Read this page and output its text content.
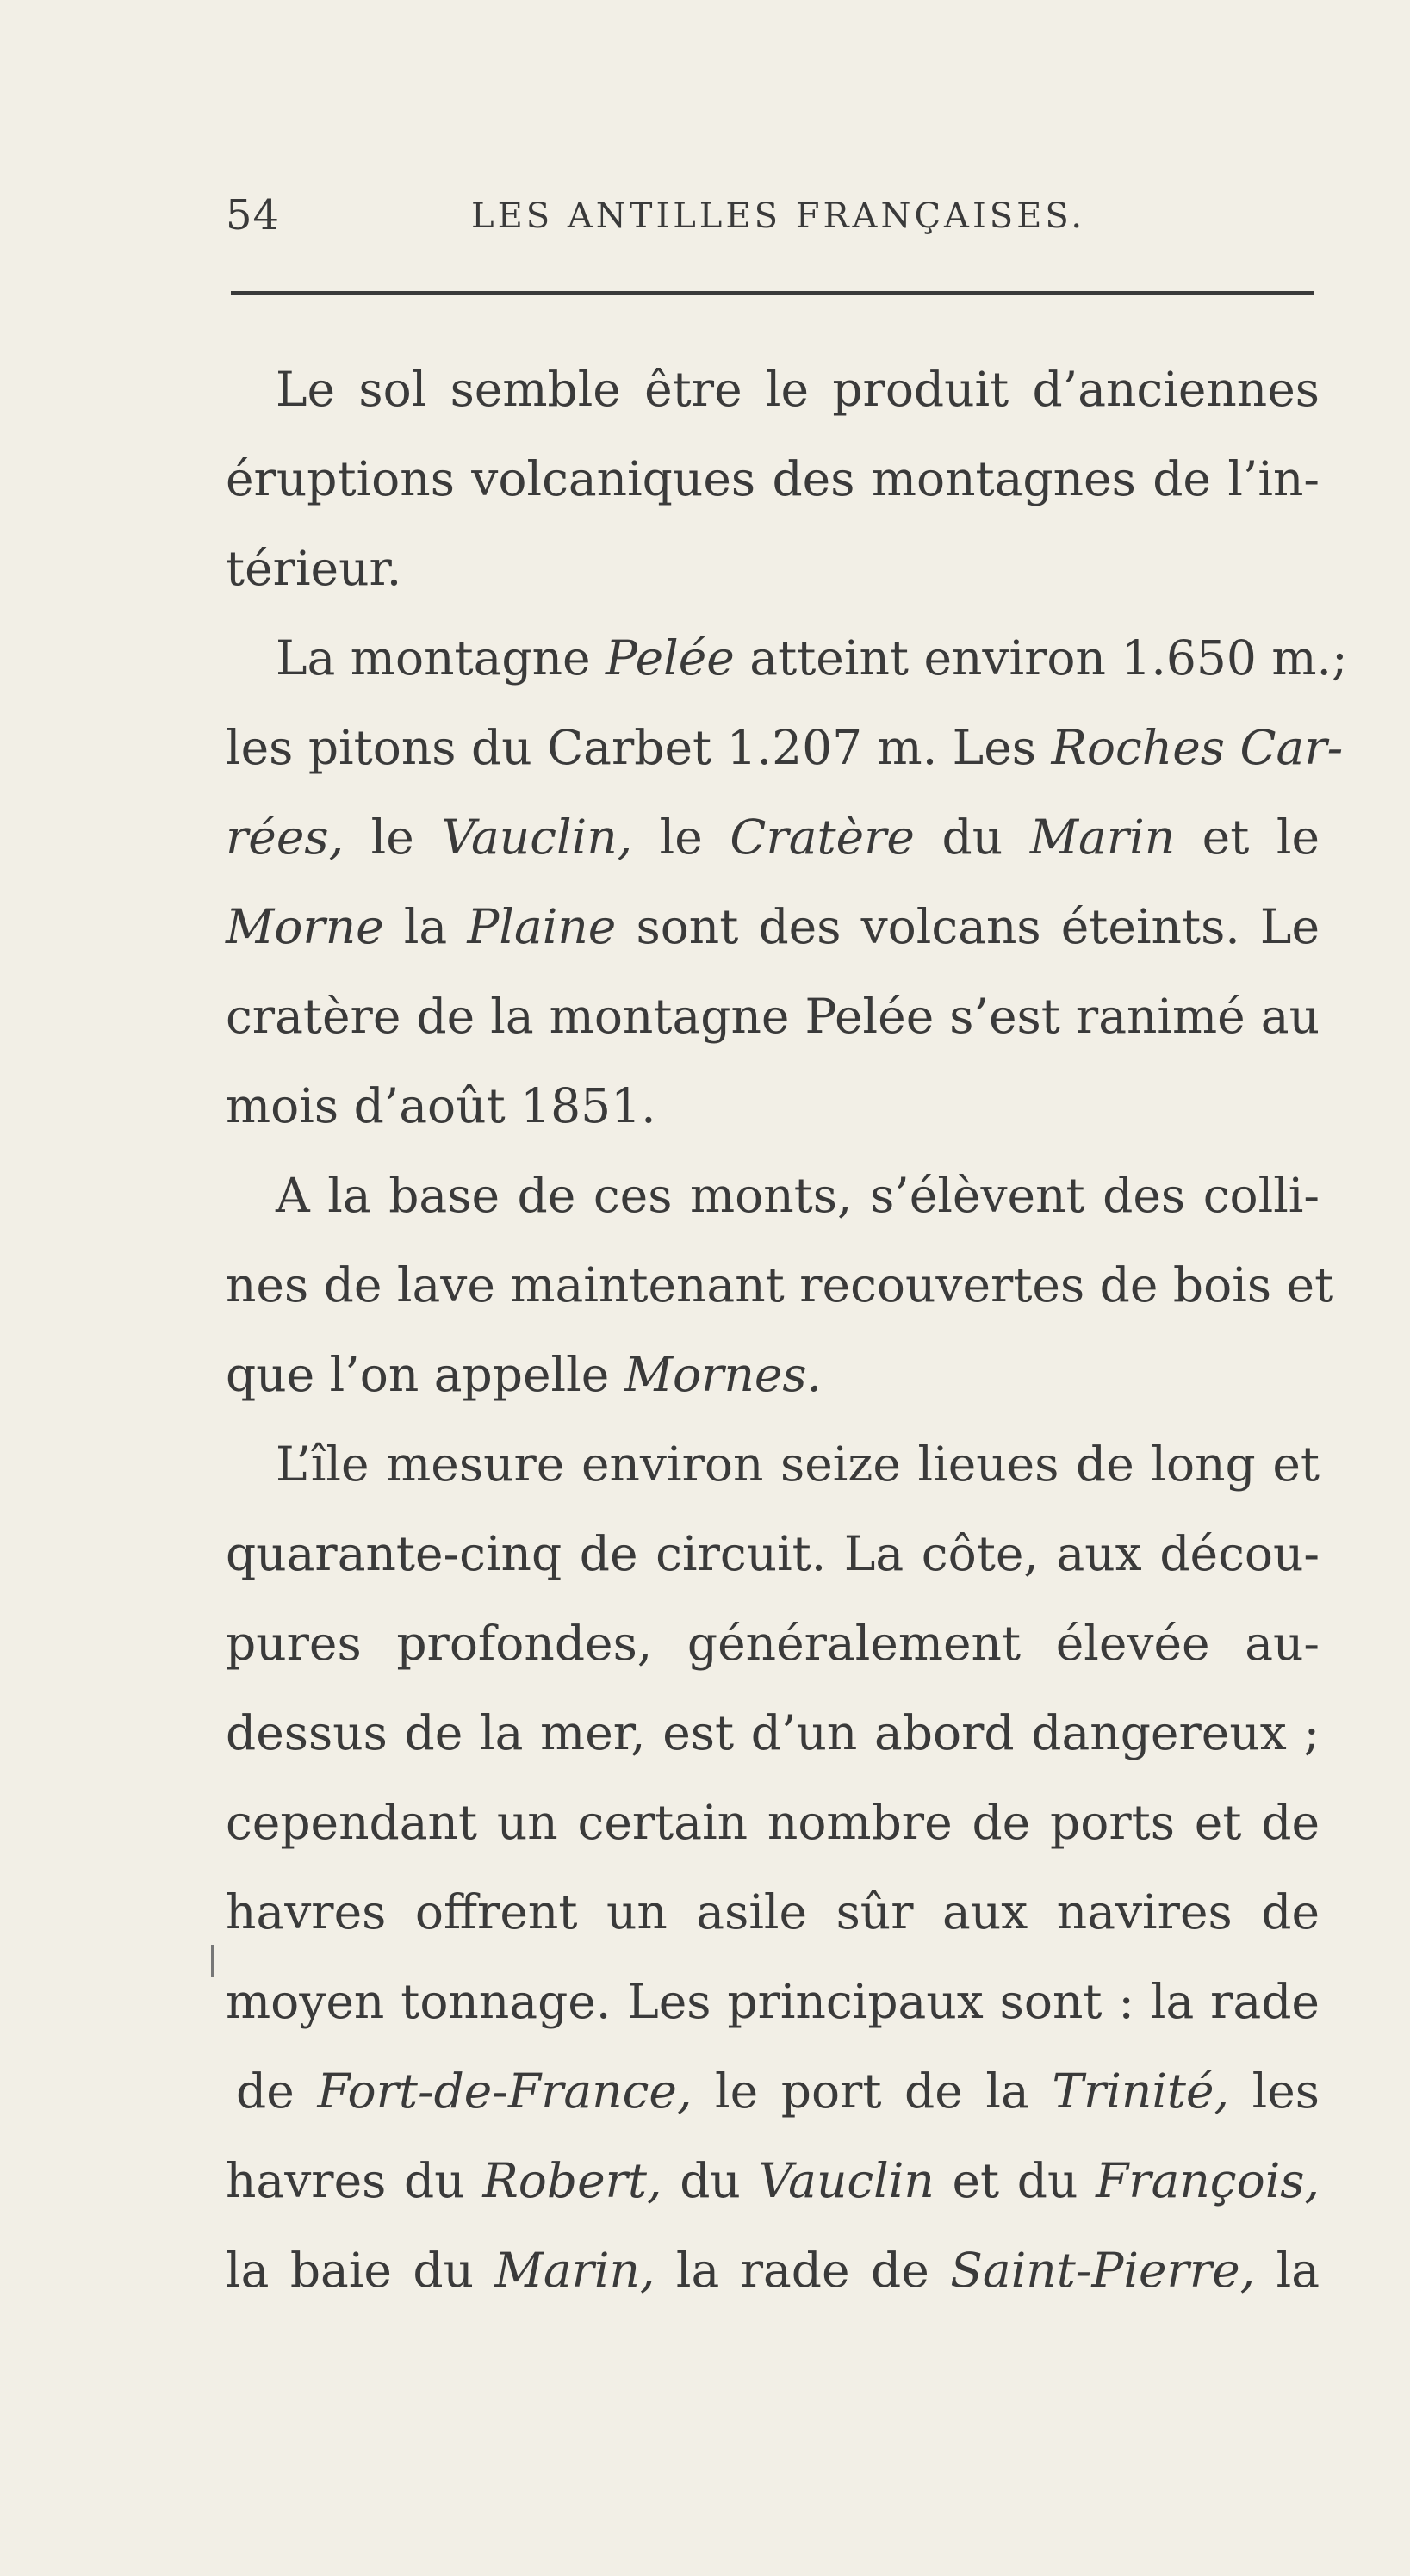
54	LES ANTILLES FRANÇAISES.
Le sol semble être le produit d’anciennes
éruptions volcaniques des montagnes de l’in-
térieur.
La montagne Pelée atteint environ 1.650 m.;
les pitons du Carbet 1.207 m. Les Roches Car-
rées, le Vauclin, le Cratère du Marin et le
Morne la Plaine sont des volcans éteints. Le
cratère de la montagne Pelée s’est ranimé au
mois d’août 1851.
A la base de ces monts, s’élèvent des colli-
nes de lave maintenant recouvertes de bois et
que l’on appelle Mornes.
L’île mesure environ seize lieues de long et
quarante-cinq de circuit. La côte, aux décou-
pures profondes, généralement élevée au-
dessus de la mer, est d’un abord dangereux ;
cependant un certain nombre de ports et de
havres offrent un asile sûr aux navires de
moyen tonnage. Les principaux sont : la rade
de Fort-de-France, le port de la Trinité, les
havres du Robert, du Vauclin et du François,
la baie du Marin, la rade de Saint-Pierre, la
